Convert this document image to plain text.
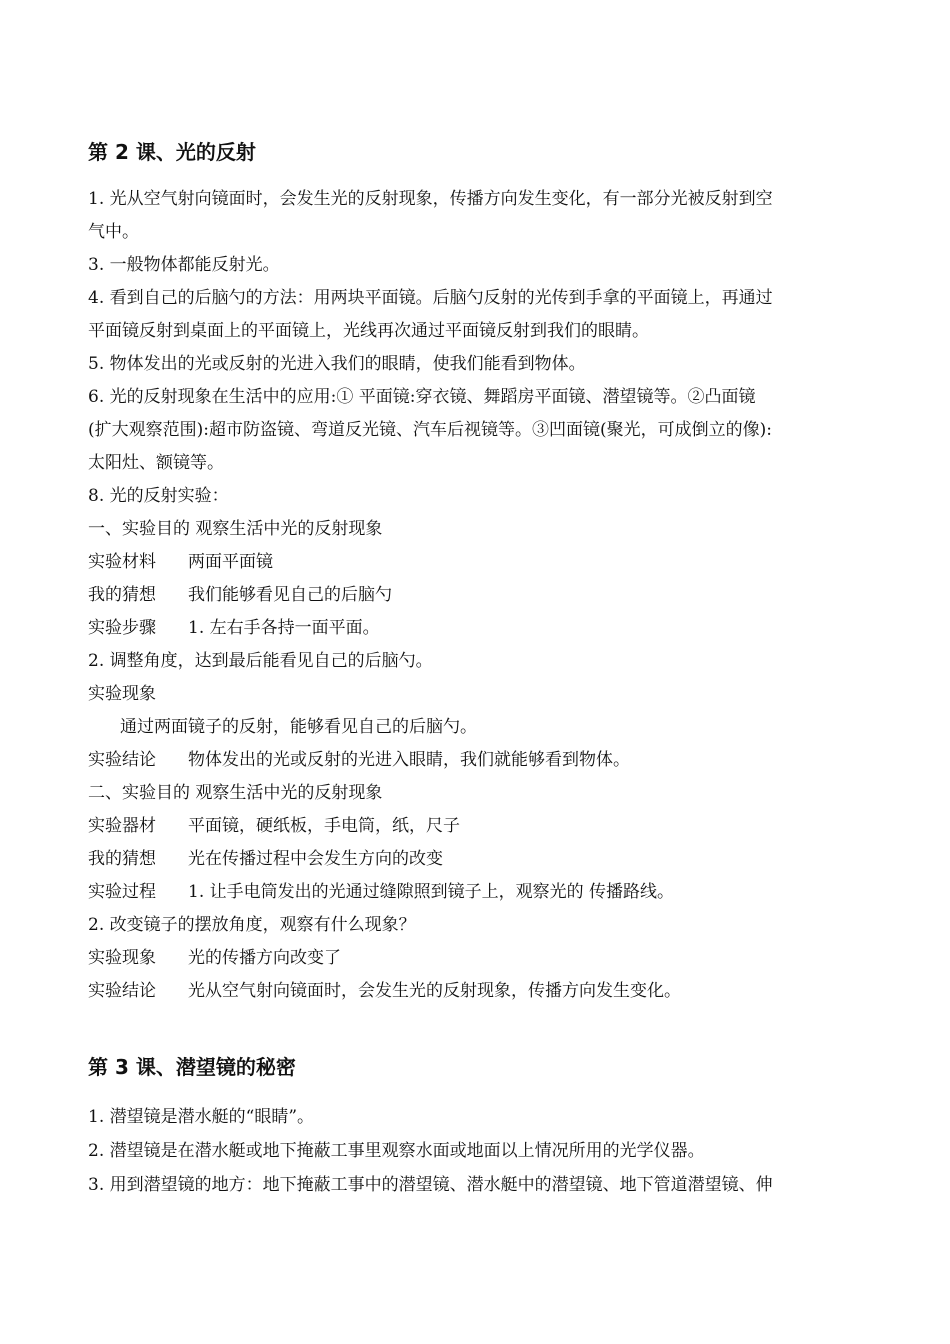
第 2 课、光的反射
1. 光从空气射向镜面时，会发生光的反射现象，传播方向发生变化，有一部分光被反射到空
气中。
3. 一般物体都能反射光。
4. 看到自己的后脑勺的方法：用两块平面镜。后脑勺反射的光传到手拿的平面镜上，再通过
平面镜反射到桌面上的平面镜上，光线再次通过平面镜反射到我们的眼睛。
5. 物体发出的光或反射的光进入我们的眼睛，使我们能看到物体。
6. 光的反射现象在生活中的应用:① 平面镜:穿衣镜、舞蹈房平面镜、潜望镜等。②凸面镜
(扩大观察范围):超市防盗镜、弯道反光镜、汽车后视镜等。③凹面镜(聚光，可成倒立的像):
太阳灶、额镜等。
8. 光的反射实验：
一、实验目的 观察生活中光的反射现象
实验材料 两面平面镜
我的猜想 我们能够看见自己的后脑勺
实验步骤 1. 左右手各持一面平面。
2. 调整角度，达到最后能看见自己的后脑勺。
实验现象
通过两面镜子的反射，能够看见自己的后脑勺。
实验结论 物体发出的光或反射的光进入眼睛，我们就能够看到物体。
二、实验目的 观察生活中光的反射现象
实验器材 平面镜，硬纸板，手电筒，纸，尺子
我的猜想 光在传播过程中会发生方向的改变
实验过程 1. 让手电筒发出的光通过缝隙照到镜子上，观察光的 传播路线。
2. 改变镜子的摆放角度，观察有什么现象？
实验现象 光的传播方向改变了
实验结论 光从空气射向镜面时，会发生光的反射现象，传播方向发生变化。
第 3 课、潜望镜的秘密
1. 潜望镜是潜水艇的“眼睛”。
2. 潜望镜是在潜水艇或地下掩蔽工事里观察水面或地面以上情况所用的光学仪器。
3. 用到潜望镜的地方：地下掩蔽工事中的潜望镜、潜水艇中的潜望镜、地下管道潜望镜、伸
